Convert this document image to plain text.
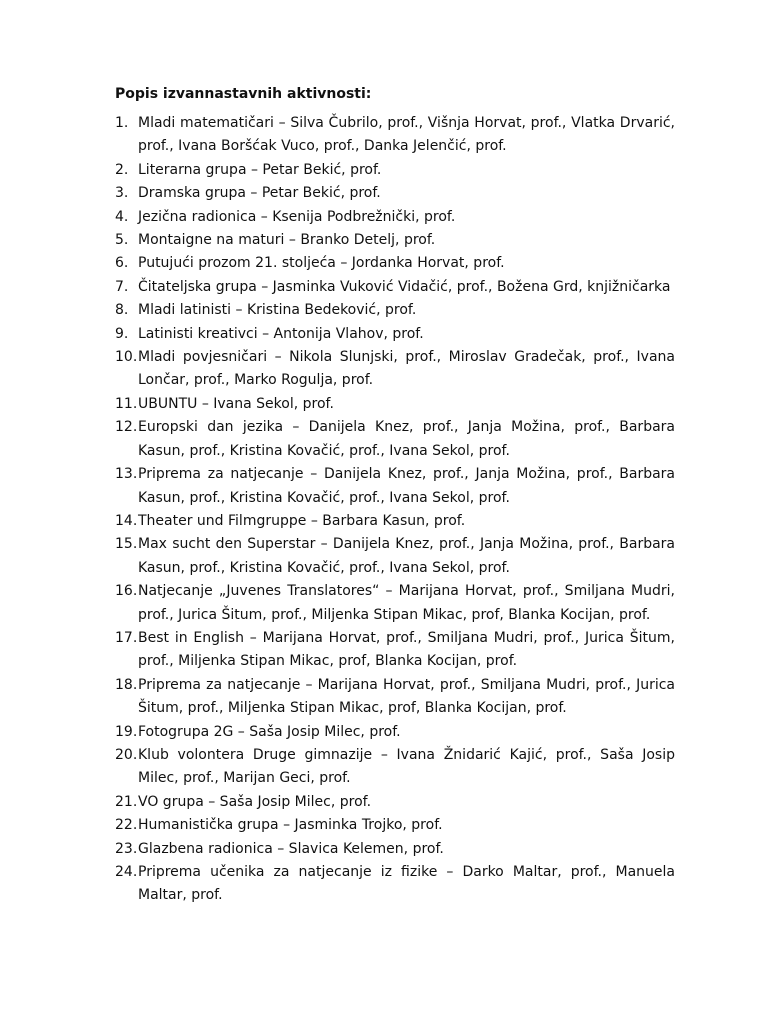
Popis izvannastavnih aktivnosti:

1. Mladi matematičari – Silva Čubrilo, prof., Višnja Horvat, prof., Vlatka Drvarić, prof., Ivana Boršćak Vuco, prof., Danka Jelenčić, prof.
2. Literarna grupa – Petar Bekić, prof.
3. Dramska grupa – Petar Bekić, prof.
4. Jezična radionica – Ksenija Podbrežnički, prof.
5. Montaigne na maturi – Branko Detelj, prof.
6. Putujući prozom 21. stoljeća – Jordanka Horvat, prof.
7. Čitateljska grupa – Jasminka Vuković Vidačić, prof., Božena Grd, knjižničarka
8. Mladi latinisti – Kristina Bedeković, prof.
9. Latinisti kreativci – Antonija Vlahov, prof.
10. Mladi povjesničari – Nikola Slunjski, prof., Miroslav Gradečak, prof., Ivana Lončar, prof., Marko Rogulja, prof.
11. UBUNTU – Ivana Sekol, prof.
12. Europski dan jezika – Danijela Knez, prof., Janja Možina, prof., Barbara Kasun, prof., Kristina Kovačić, prof., Ivana Sekol, prof.
13. Priprema za natjecanje – Danijela Knez, prof., Janja Možina, prof., Barbara Kasun, prof., Kristina Kovačić, prof., Ivana Sekol, prof.
14. Theater und Filmgruppe – Barbara Kasun, prof.
15. Max sucht den Superstar – Danijela Knez, prof., Janja Možina, prof., Barbara Kasun, prof., Kristina Kovačić, prof., Ivana Sekol, prof.
16. Natjecanje „Juvenes Translatores“ – Marijana Horvat, prof., Smiljana Mudri, prof., Jurica Šitum, prof., Miljenka Stipan Mikac, prof, Blanka Kocijan, prof.
17. Best in English – Marijana Horvat, prof., Smiljana Mudri, prof., Jurica Šitum, prof., Miljenka Stipan Mikac, prof, Blanka Kocijan, prof.
18. Priprema za natjecanje – Marijana Horvat, prof., Smiljana Mudri, prof., Jurica Šitum, prof., Miljenka Stipan Mikac, prof, Blanka Kocijan, prof.
19. Fotogrupa 2G – Saša Josip Milec, prof.
20. Klub volontera Druge gimnazije – Ivana Žnidarić Kajić, prof., Saša Josip Milec, prof., Marijan Geci, prof.
21. VO grupa – Saša Josip Milec, prof.
22. Humanistička grupa – Jasminka Trojko, prof.
23. Glazbena radionica – Slavica Kelemen, prof.
24. Priprema učenika za natjecanje iz fizike – Darko Maltar, prof., Manuela Maltar, prof.
